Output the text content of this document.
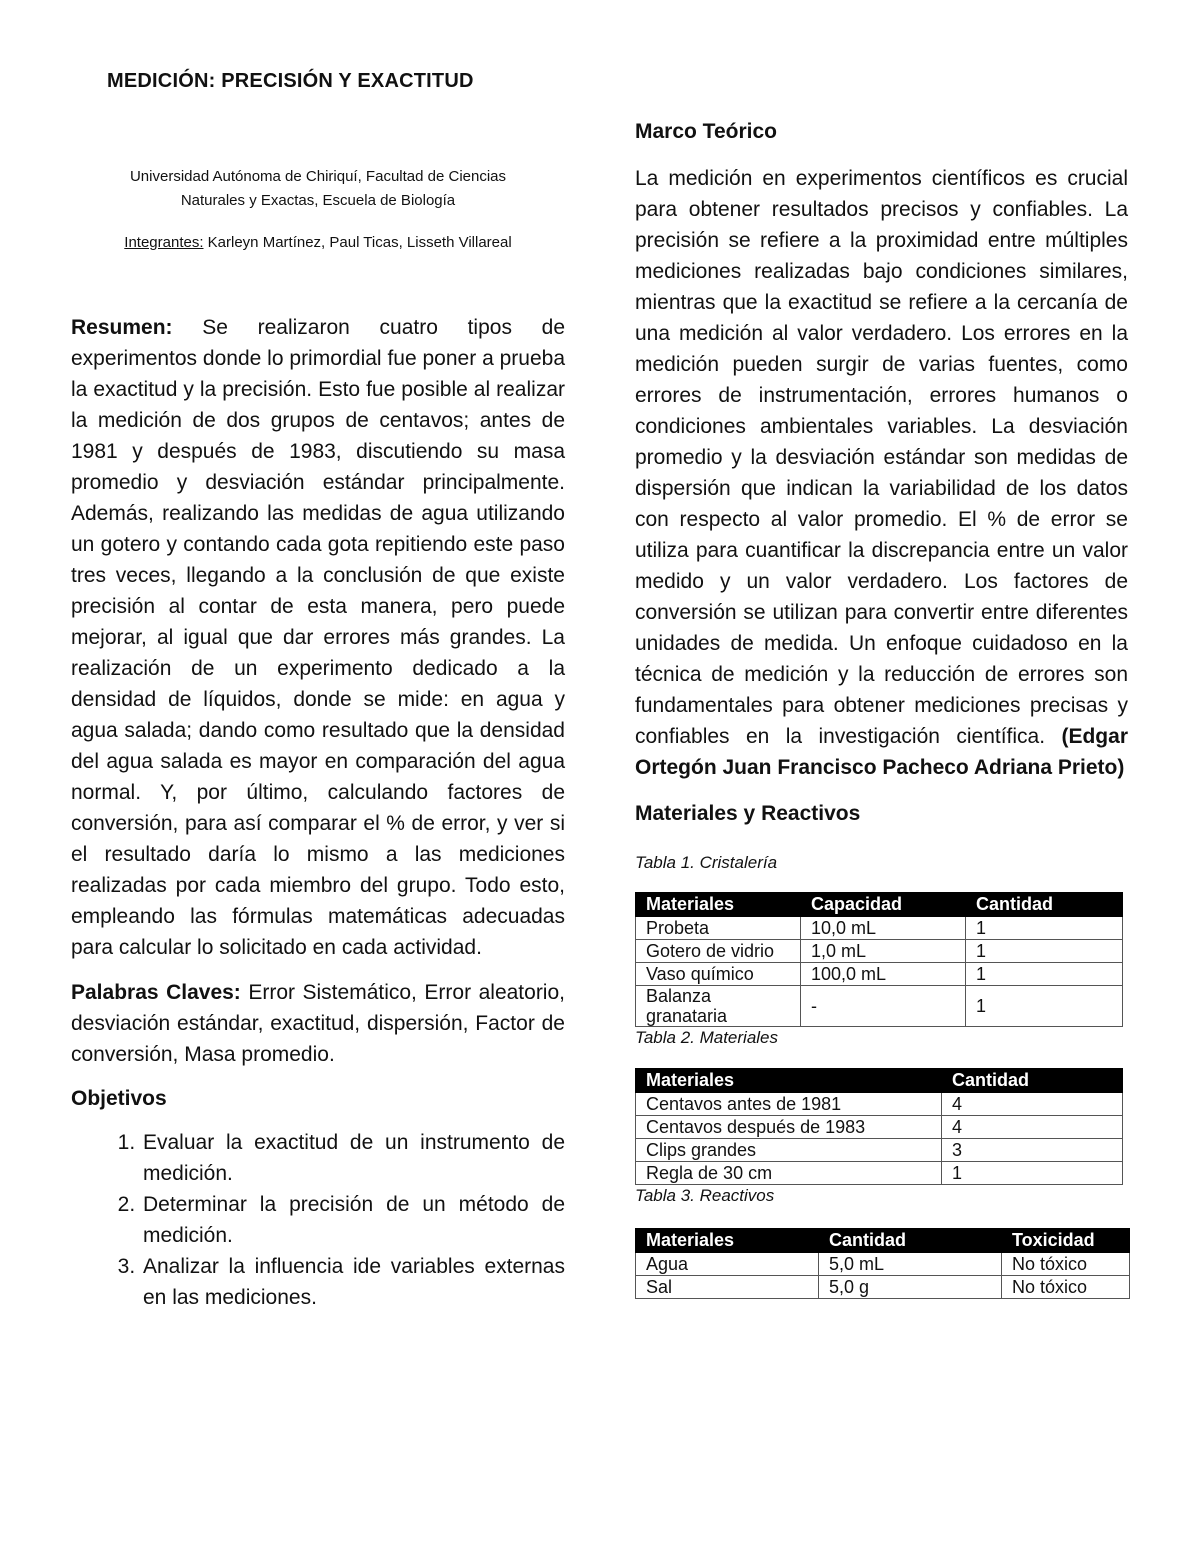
MEDICIÓN: PRECISIÓN Y EXACTITUD
Universidad Autónoma de Chiriquí, Facultad de Ciencias
Naturales y Exactas, Escuela de Biología
Integrantes: Karleyn Martínez, Paul Ticas, Lisseth Villareal

Resumen: Se realizaron cuatro tipos de experimentos donde lo primordial fue poner a prueba la exactitud y la precisión. Esto fue posible al realizar la medición de dos grupos de centavos; antes de 1981 y después de 1983, discutiendo su masa promedio y desviación estándar principalmente. Además, realizando las medidas de agua utilizando un gotero y contando cada gota repitiendo este paso tres veces, llegando a la conclusión de que existe precisión al contar de esta manera, pero puede mejorar, al igual que dar errores más grandes. La realización de un experimento dedicado a la densidad de líquidos, donde se mide: en agua y agua salada; dando como resultado que la densidad del agua salada es mayor en comparación del agua normal. Y, por último, calculando factores de conversión, para así comparar el % de error, y ver si el resultado daría lo mismo a las mediciones realizadas por cada miembro del grupo. Todo esto, empleando las fórmulas matemáticas adecuadas para calcular lo solicitado en cada actividad.

Palabras Claves: Error Sistemático, Error aleatorio, desviación estándar, exactitud, dispersión, Factor de conversión, Masa promedio.

Objetivos
1. Evaluar la exactitud de un instrumento de medición.
2. Determinar la precisión de un método de medición.
3. Analizar la influencia ide variables externas en las mediciones.
Marco Teórico

La medición en experimentos científicos es crucial para obtener resultados precisos y confiables. La precisión se refiere a la proximidad entre múltiples mediciones realizadas bajo condiciones similares, mientras que la exactitud se refiere a la cercanía de una medición al valor verdadero. Los errores en la medición pueden surgir de varias fuentes, como errores de instrumentación, errores humanos o condiciones ambientales variables. La desviación promedio y la desviación estándar son medidas de dispersión que indican la variabilidad de los datos con respecto al valor promedio. El % de error se utiliza para cuantificar la discrepancia entre un valor medido y un valor verdadero. Los factores de conversión se utilizan para convertir entre diferentes unidades de medida. Un enfoque cuidadoso en la técnica de medición y la reducción de errores son fundamentales para obtener mediciones precisas y confiables en la investigación científica. (Edgar Ortegón Juan Francisco Pacheco Adriana Prieto)

Materiales y Reactivos

Tabla 1. Cristalería

Materiales	Capacidad	Cantidad
Probeta	10,0 mL	1
Gotero de vidrio	1,0 mL	1
Vaso químico	100,0 mL	1
Balanza granataria	-	1

Tabla 2. Materiales

Materiales	Cantidad
Centavos antes de 1981	4
Centavos después de 1983	4
Clips grandes	3
Regla de 30 cm	1

Tabla 3. Reactivos

Materiales	Cantidad	Toxicidad
Agua	5,0 mL	No tóxico
Sal	5,0 g	No tóxico
